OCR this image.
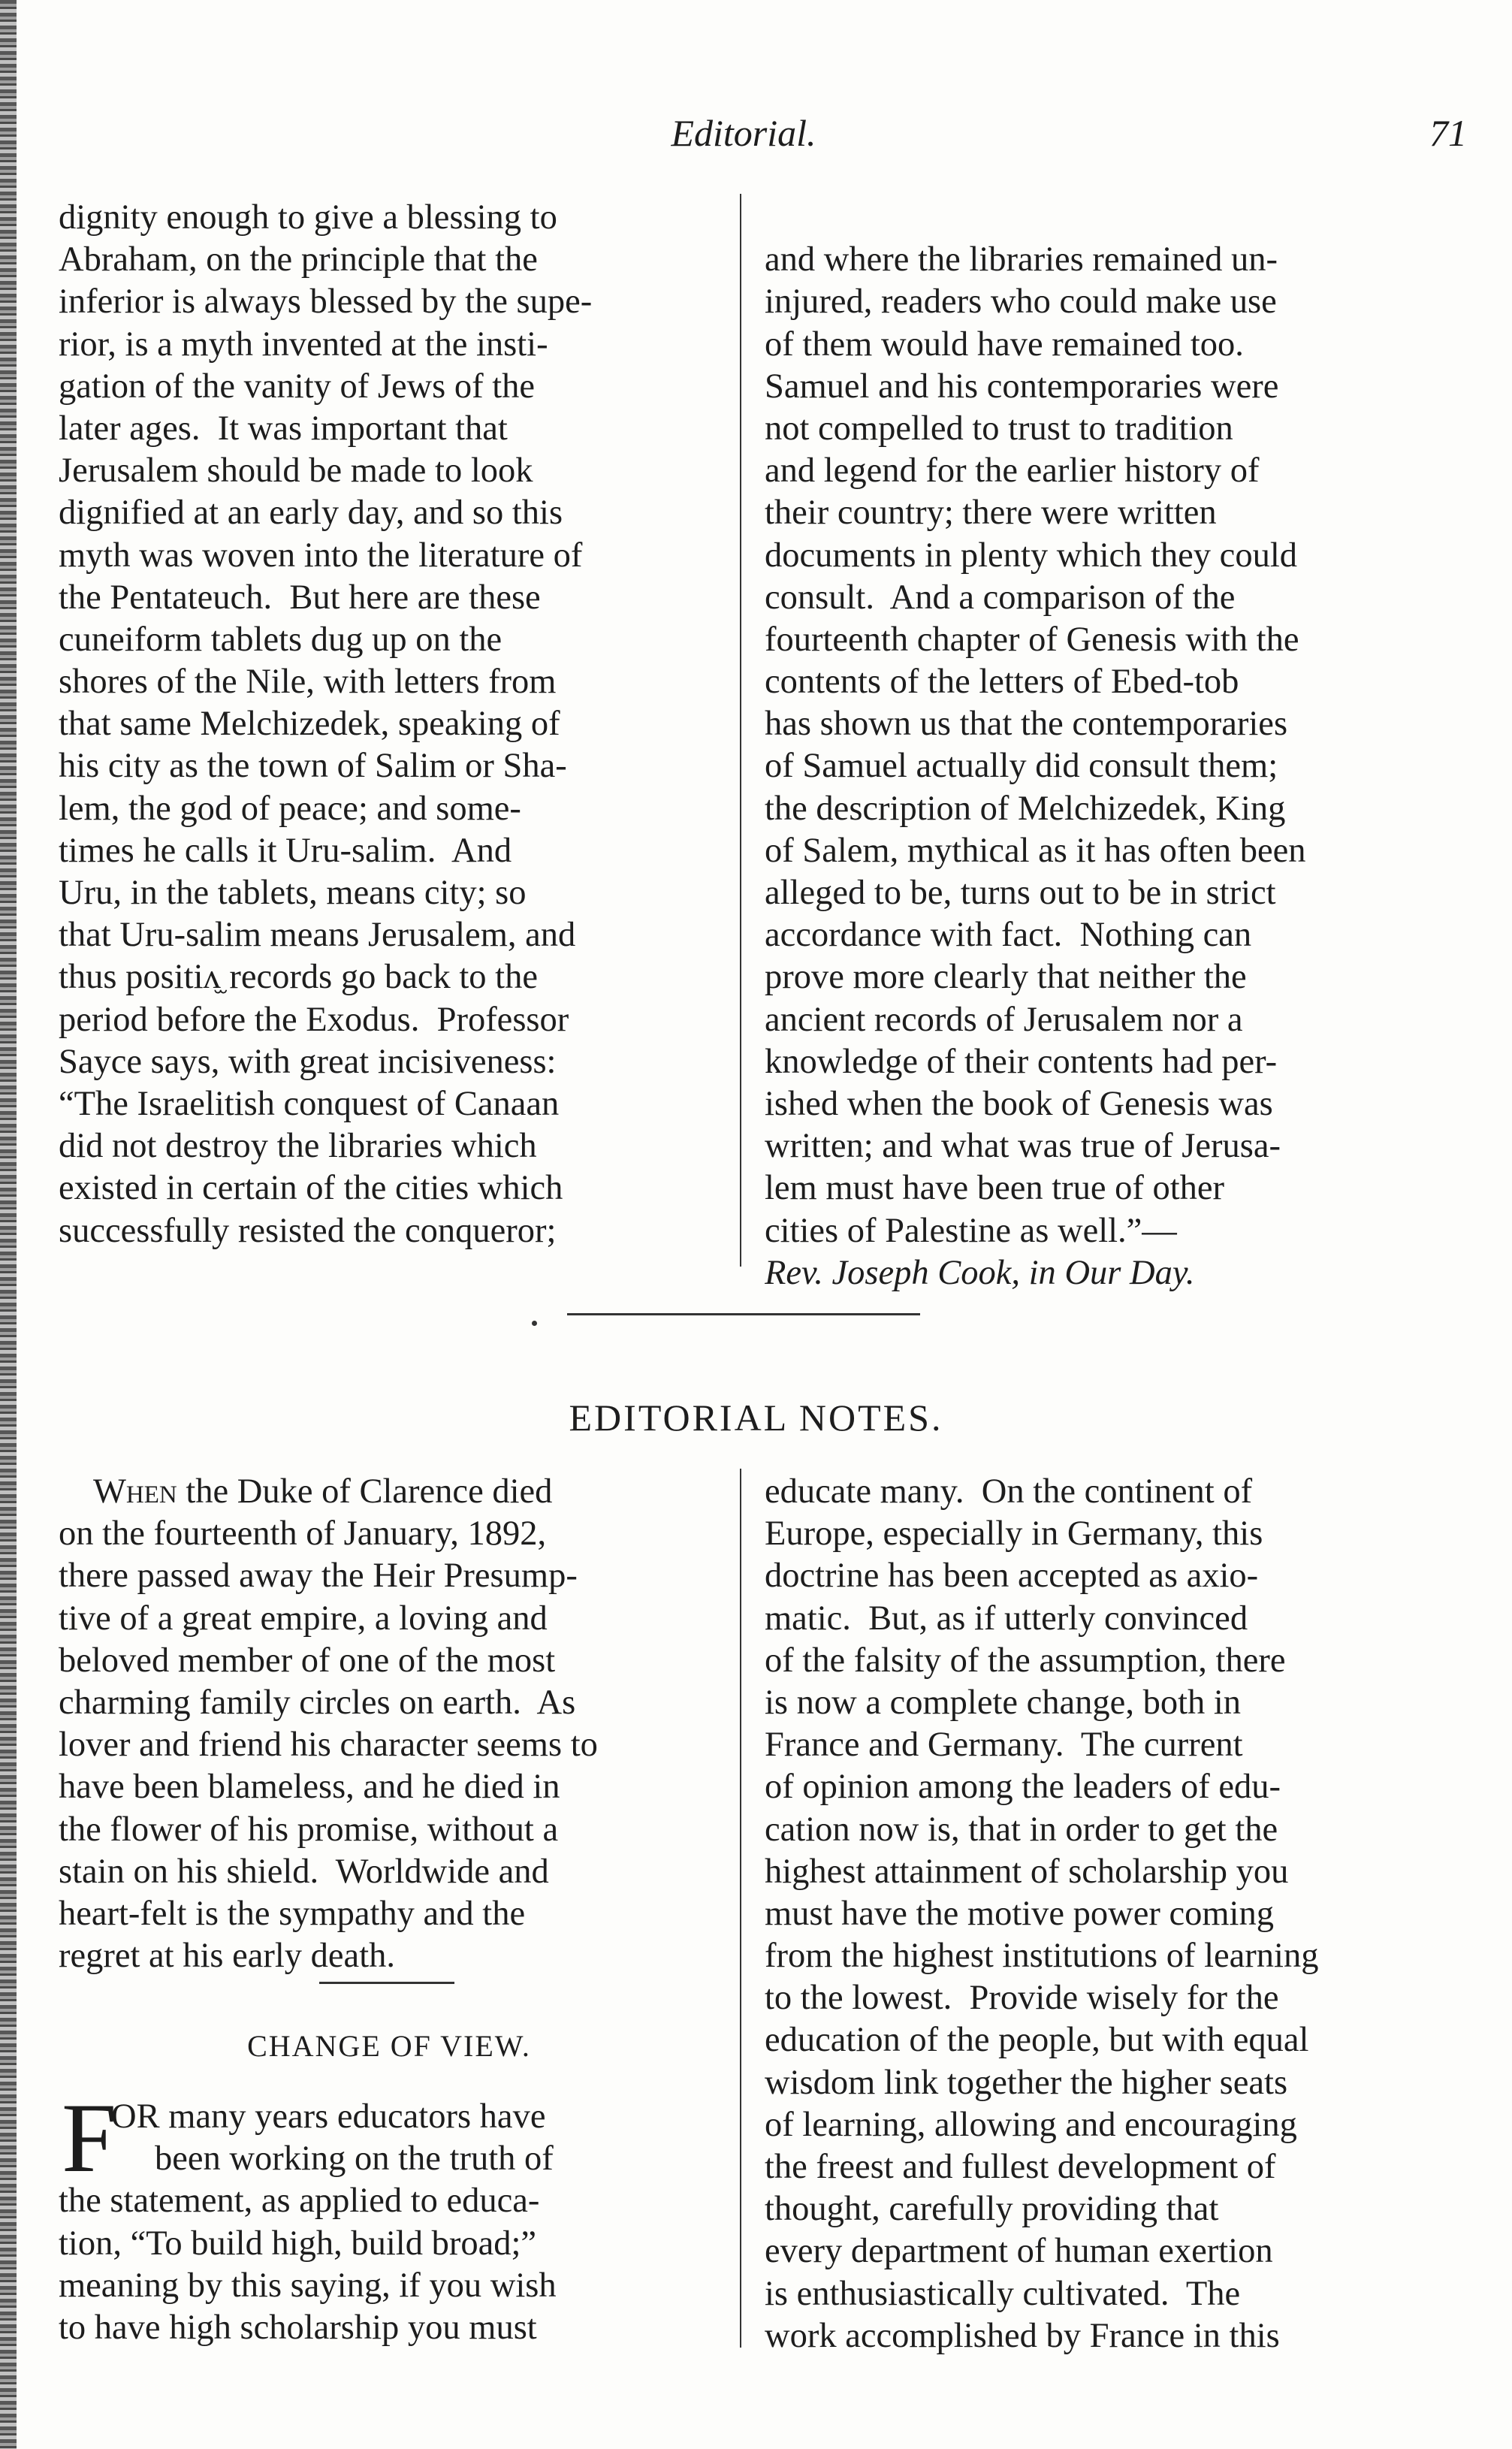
Editorial.	71
dignity enough to give a blessing to
Abraham, on the principle that the
inferior is always blessed by the supe-
rior, is a myth invented at the insti-
gation of the vanity of Jews of the
later ages.  It was important that
Jerusalem should be made to look
dignified at an early day, and so this
myth was woven into the literature of
the Pentateuch.  But here are these
cuneiform tablets dug up on the
shores of the Nile, with letters from
that same Melchizedek, speaking of
his city as the town of Salim or Sha-
lem, the god of peace; and some-
times he calls it Uru-salim.  And
Uru, in the tablets, means city; so
that Uru-salim means Jerusalem, and
thus positiʌ̫ records go back to the
period before the Exodus.  Professor
Sayce says, with great incisiveness:
“The Israelitish conquest of Canaan
did not destroy the libraries which
existed in certain of the cities which
successfully resisted the conqueror;

and where the libraries remained un-
injured, readers who could make use
of them would have remained too.
Samuel and his contemporaries were
not compelled to trust to tradition
and legend for the earlier history of
their country; there were written
documents in plenty which they could
consult.  And a comparison of the
fourteenth chapter of Genesis with the
contents of the letters of Ebed-tob
has shown us that the contemporaries
of Samuel actually did consult them;
the description of Melchizedek, King
of Salem, mythical as it has often been
alleged to be, turns out to be in strict
accordance with fact.  Nothing can
prove more clearly that neither the
ancient records of Jerusalem nor a
knowledge of their contents had per-
ished when the book of Genesis was
written; and what was true of Jerusa-
lem must have been true of other
cities of Palestine as well.”—
Rev. Joseph Cook, in Our Day.
EDITORIAL NOTES.
When the Duke of Clarence died
on the fourteenth of January, 1892,
there passed away the Heir Presump-
tive of a great empire, a loving and
beloved member of one of the most
charming family circles on earth.  As
lover and friend his character seems to
have been blameless, and he died in
the flower of his promise, without a
stain on his shield.  Worldwide and
heart-felt is the sympathy and the
regret at his early death.
CHANGE OF VIEW.
F
OR many years educators have
been working on the truth of
the statement, as applied to educa-
tion, “To build high, build broad;”
meaning by this saying, if you wish
to have high scholarship you must
educate many.  On the continent of
Europe, especially in Germany, this
doctrine has been accepted as axio-
matic.  But, as if utterly convinced
of the falsity of the assumption, there
is now a complete change, both in
France and Germany.  The current
of opinion among the leaders of edu-
cation now is, that in order to get the
highest attainment of scholarship you
must have the motive power coming
from the highest institutions of learning
to the lowest.  Provide wisely for the
education of the people, but with equal
wisdom link together the higher seats
of learning, allowing and encouraging
the freest and fullest development of
thought, carefully providing that
every department of human exertion
is enthusiastically cultivated.  The
work accomplished by France in this
